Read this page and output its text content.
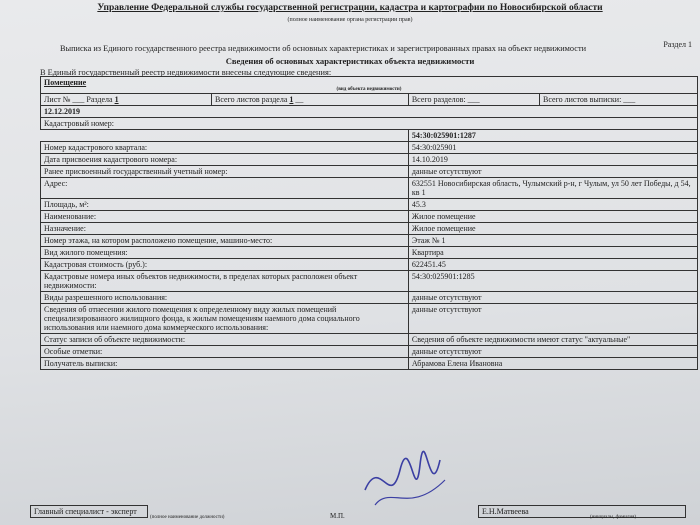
Управление Федеральной службы государственной регистрации, кадастра и картографии по Новосибирской области
(полное наименование органа регистрации прав)
Выписка из Единого государственного реестра недвижимости об основных характеристиках и зарегистрированных правах на объект недвижимости	Раздел 1
Сведения об основных характеристиках объекта недвижимости
В Единый государственный реестр недвижимости внесены следующие сведения:
Помещение
(вид объекта недвижимости)

Лист № ___ Раздела 1	Всего листов раздела 1 __	Всего разделов: ___	Всего листов выписки: ___
12.12.2019

Кадастровый номер:
	54:30:025901:1287
Номер кадастрового квартала:	54:30:025901
Дата присвоения кадастрового номера:	14.10.2019
Ранее присвоенный государственный учетный номер:	данные отсутствуют
Адрес:	632551 Новосибирская область, Чулымский р-н, г Чулым, ул 50 лет Победы, д 54, кв 1
Площадь, м²:	45.3
Наименование:	Жилое помещение
Назначение:	Жилое помещение
Номер этажа, на котором расположено помещение, машино-место:	Этаж № 1
Вид жилого помещения:	Квартира
Кадастровая стоимость (руб.):	622451.45
Кадастровые номера иных объектов недвижимости, в пределах которых расположен объект недвижимости:	54:30:025901:1285
Виды разрешенного использования:	данные отсутствуют
Сведения об отнесении жилого помещения к определенному виду жилых помещений специализированного жилищного фонда, к жилым помещениям наемного дома социального использования или наемного дома коммерческого использования:	данные отсутствуют
Статус записи об объекте недвижимости:	Сведения об объекте недвижимости имеют статус "актуальные"
Особые отметки:	данные отсутствуют
Получатель выписки:	Абрамова Елена Ивановна
Главный специалист - эксперт
(полное наименование должности)
Е.Н.Матвеева
(инициалы, фамилия)
М.П.
